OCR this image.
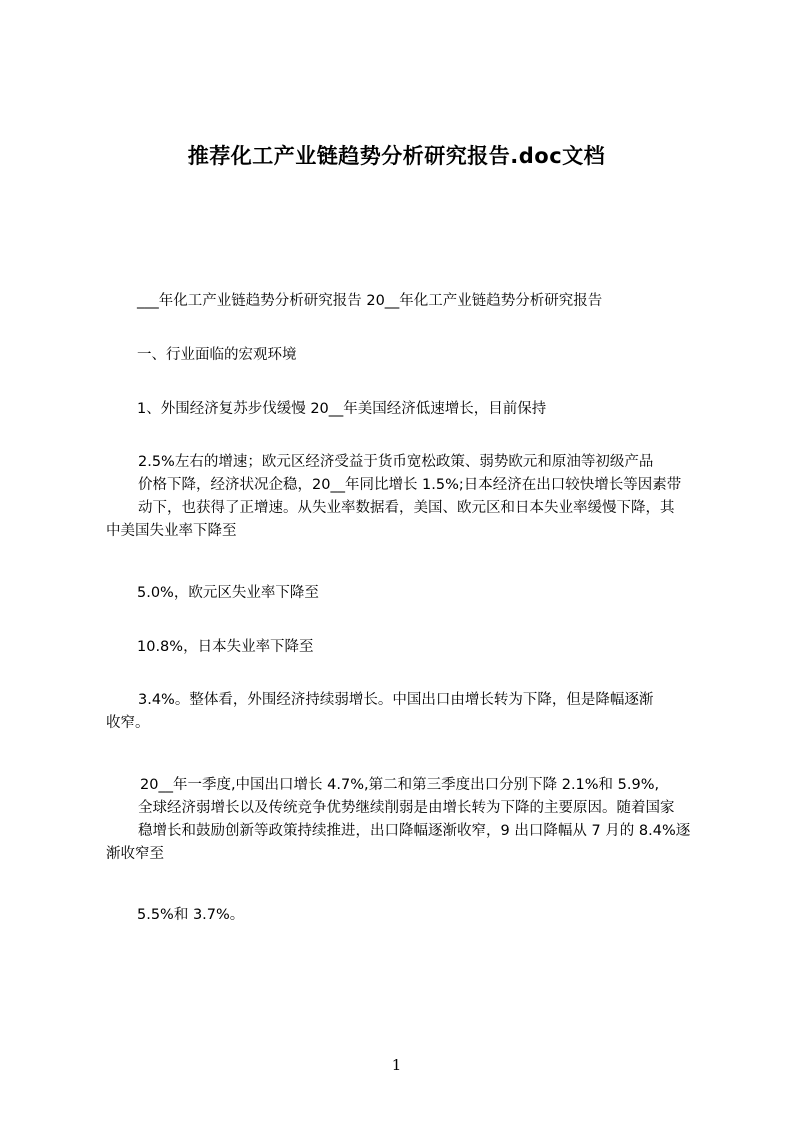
推荐化工产业链趋势分析研究报告.doc文档

___年化工产业链趋势分析研究报告 20__年化工产业链趋势分析研究报告

一、行业面临的宏观环境

1、外围经济复苏步伐缓慢 20__年美国经济低速增长，目前保持

2.5%左右的增速；欧元区经济受益于货币宽松政策、弱势欧元和原油等初级产品
价格下降，经济状况企稳，20__年同比增长 1.5%;日本经济在出口较快增长等因素带
动下，也获得了正增速。从失业率数据看，美国、欧元区和日本失业率缓慢下降，其
中美国失业率下降至

5.0%，欧元区失业率下降至

10.8%，日本失业率下降至

3.4%。整体看，外围经济持续弱增长。中国出口由增长转为下降，但是降幅逐渐
收窄。
20__年一季度,中国出口增长 4.7%,第二和第三季度出口分别下降 2.1%和 5.9%,
全球经济弱增长以及传统竞争优势继续削弱是由增长转为下降的主要原因。随着国家
稳增长和鼓励创新等政策持续推进，出口降幅逐渐收窄，9 出口降幅从 7 月的 8.4%逐
渐收窄至

5.5%和 3.7%。

1
